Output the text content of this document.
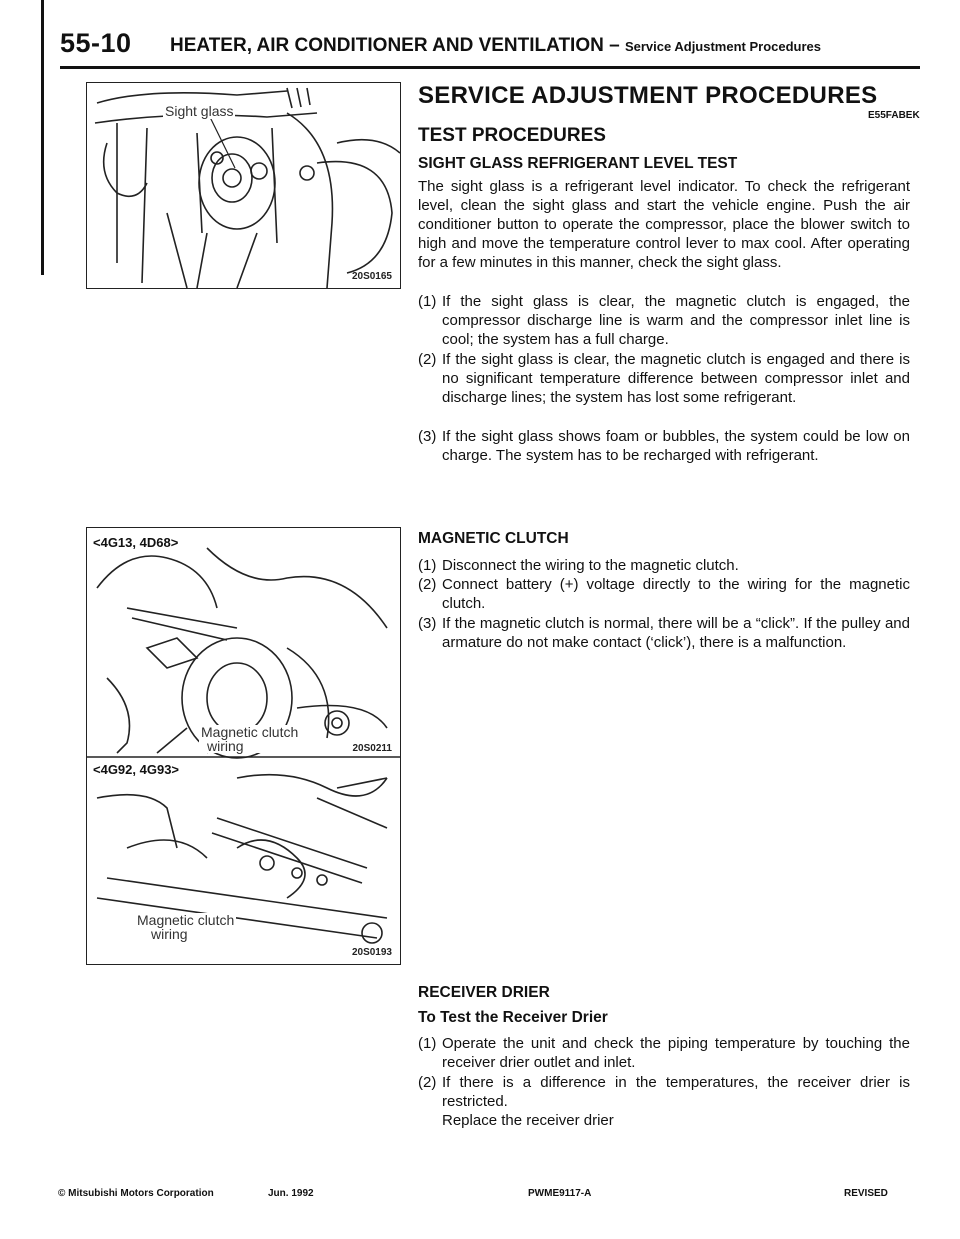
55-10 HEATER, AIR CONDITIONER AND VENTILATION – Service Adjustment Procedures
Sight glass
20S0165
<4G13, 4D68>
Magnetic clutch
wiring	20S0211
<4G92, 4G93>
Magnetic clutch
wiring
20S0193
SERVICE ADJUSTMENT PROCEDURES
E55FABEK
TEST PROCEDURES
SIGHT GLASS REFRIGERANT LEVEL TEST
The sight glass is a refrigerant level indicator. To check the refrigerant level, clean the sight glass and start the vehicle engine. Push the air conditioner button to operate the compressor, place the blower switch to high and move the temperature control lever to max cool. After operating for a few minutes in this manner, check the sight glass.
(1) If the sight glass is clear, the magnetic clutch is engaged, the compressor discharge line is warm and the compressor inlet line is cool; the system has a full charge.
(2) If the sight glass is clear, the magnetic clutch is engaged and there is no significant temperature difference between compressor inlet and discharge lines; the system has lost some refrigerant.
(3) If the sight glass shows foam or bubbles, the system could be low on charge. The system has to be recharged with refrigerant.
MAGNETIC CLUTCH
(1) Disconnect the wiring to the magnetic clutch.
(2) Connect battery (+) voltage directly to the wiring for the magnetic clutch.
(3) If the magnetic clutch is normal, there will be a “click”. If the pulley and armature do not make contact (‘click’), there is a malfunction.
RECEIVER DRIER
To Test the Receiver Drier
(1) Operate the unit and check the piping temperature by touching the receiver drier outlet and inlet.
(2) If there is a difference in the temperatures, the receiver drier is restricted.
Replace the receiver drier
© Mitsubishi Motors Corporation	Jun. 1992	PWME9117-A	REVISED
